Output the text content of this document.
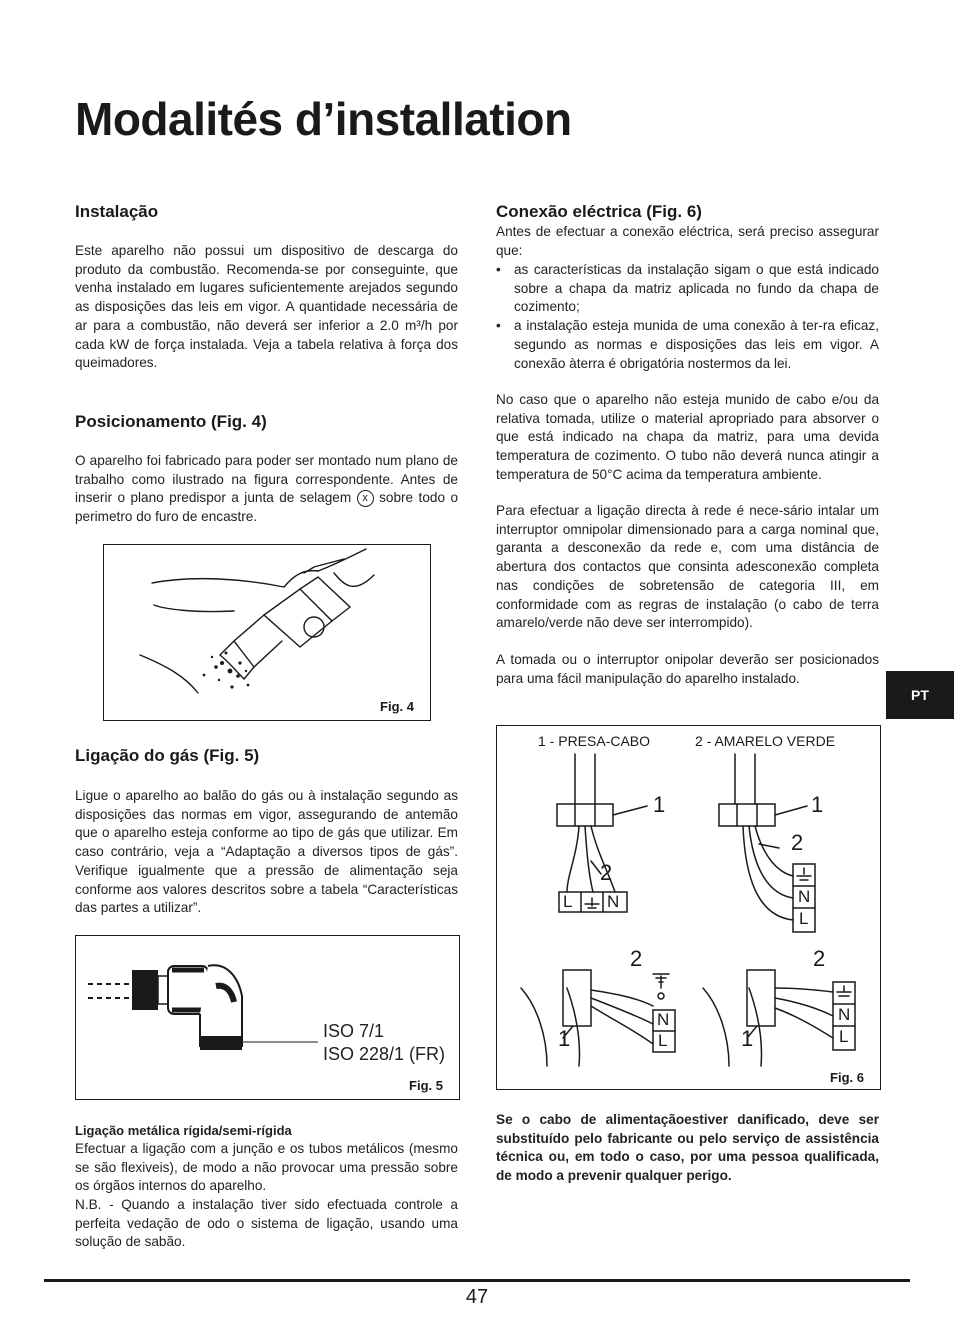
Modalités d’installation
Instalação

Este aparelho não possui um dispositivo de descarga do produto da combustão. Recomenda-se por conseguinte, que venha instalado em lugares suficientemente arejados segundo as disposições das leis em vigor. A quantidade necessária de ar para a combustão, não deverá ser inferior a 2.0 m³/h por cada kW de força instalada. Veja a tabela relativa à força dos queimadores.

Posicionamento (Fig. 4)

O aparelho foi fabricado para poder ser montado num plano de trabalho como ilustrado na figura correspondente. Antes de inserir o plano predispor a junta de selagem x sobre todo o perimetro do furo de encastre.

Fig. 4
Ligação do gás (Fig. 5)

Ligue o aparelho ao balão do gás ou à instalação segundo as disposições das normas em vigor, assegurando de antemão que o aparelho esteja conforme ao tipo de gás que utilizar. Em caso contrário, veja a “Adaptação a diversos tipos de gás”. Verifique igualmente que a pressão de alimentação seja conforme aos valores descritos sobre a tabela “Características das partes a utilizar”.

ISO 7/1
ISO 228/1 (FR)
Fig. 5
Ligação metálica rígida/semi-rígida

Efectuar a ligação com a junção e os tubos metálicos (mesmo se são flexiveis), de modo a não provocar uma pressão sobre os órgãos internos do aparelho.

N.B. - Quando a instalação tiver sido efectuada controle a perfeita vedação de odo o sistema de ligação, usando uma solução de sabão.

Conexão eléctrica (Fig. 6)

Antes de efectuar a conexão eléctrica, será preciso assegurar que:

• as características da instalação sigam o que está indicado sobre a chapa da matriz aplicada no fundo da chapa de cozimento;
• a instalação esteja munida de uma conexão à ter-ra eficaz, segundo as normas e disposições das leis em vigor. A conexão àterra é obrigatória nostermos da lei.

No caso que o aparelho não esteja munido de cabo e/ou da relativa tomada, utilize o material apropriado para absorver o que está indicado na chapa da matriz, para uma devida temperatura de cozimento. O tubo não deverá nunca atingir a temperatura de 50°C acima da temperatura ambiente.

Para efectuar a ligação directa à rede é nece-sário intalar um interruptor omnipolar dimensionado para a carga nominal que, garanta a desconexão da rede e, com uma distância de abertura dos contactos que consinta adesconexão completa nas condições de sobretensão de categoria III, em conformidade com as regras de instalação (o cabo de terra amarelo/verde não deve ser interrompido).

A tomada ou o interruptor onipolar deverão ser posicionados para uma fácil manipulação do aparelho instalado.

1 - PRESA-CABO	2 - AMARELO VERDE
1	1
2
2
2	2
1	1
L N	N
L
N
L
N
L
Fig. 6

Se o cabo de alimentaçãoestiver danificado, deve ser substituído pelo fabricante ou pelo serviço de assistência técnica ou, em todo o caso, por uma pessoa qualificada, de modo a prevenir qualquer perigo.

PT
47
